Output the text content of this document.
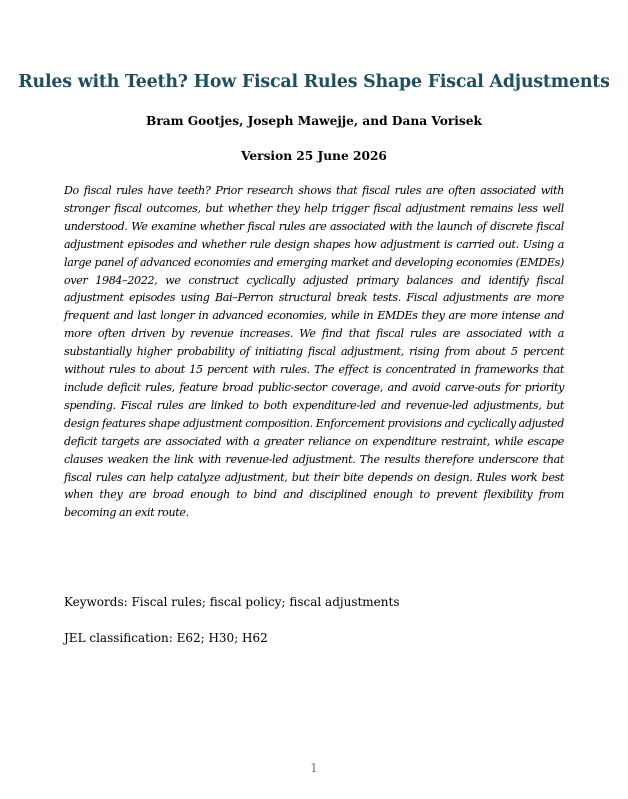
Rules with Teeth? How Fiscal Rules Shape Fiscal Adjustments
Bram Gootjes, Joseph Mawejje, and Dana Vorisek
Version 25 June 2026

Do fiscal rules have teeth? Prior research shows that fiscal rules are often associated with stronger fiscal outcomes, but whether they help trigger fiscal adjustment remains less well understood. We examine whether fiscal rules are associated with the launch of discrete fiscal adjustment episodes and whether rule design shapes how adjustment is carried out. Using a large panel of advanced economies and emerging market and developing economies (EMDEs) over 1984–2022, we construct cyclically adjusted primary balances and identify fiscal adjustment episodes using Bai–Perron structural break tests. Fiscal adjustments are more frequent and last longer in advanced economies, while in EMDEs they are more intense and more often driven by revenue increases. We find that fiscal rules are associated with a substantially higher probability of initiating fiscal adjustment, rising from about 5 percent without rules to about 15 percent with rules. The effect is concentrated in frameworks that include deficit rules, feature broad public-sector coverage, and avoid carve-outs for priority spending. Fiscal rules are linked to both expenditure-led and revenue-led adjustments, but design features shape adjustment composition. Enforcement provisions and cyclically adjusted deficit targets are associated with a greater reliance on expenditure restraint, while escape clauses weaken the link with revenue-led adjustment. The results therefore underscore that fiscal rules can help catalyze adjustment, but their bite depends on design. Rules work best when they are broad enough to bind and disciplined enough to prevent flexibility from becoming an exit route.

Keywords: Fiscal rules; fiscal policy; fiscal adjustments
JEL classification: E62; H30; H62
1
